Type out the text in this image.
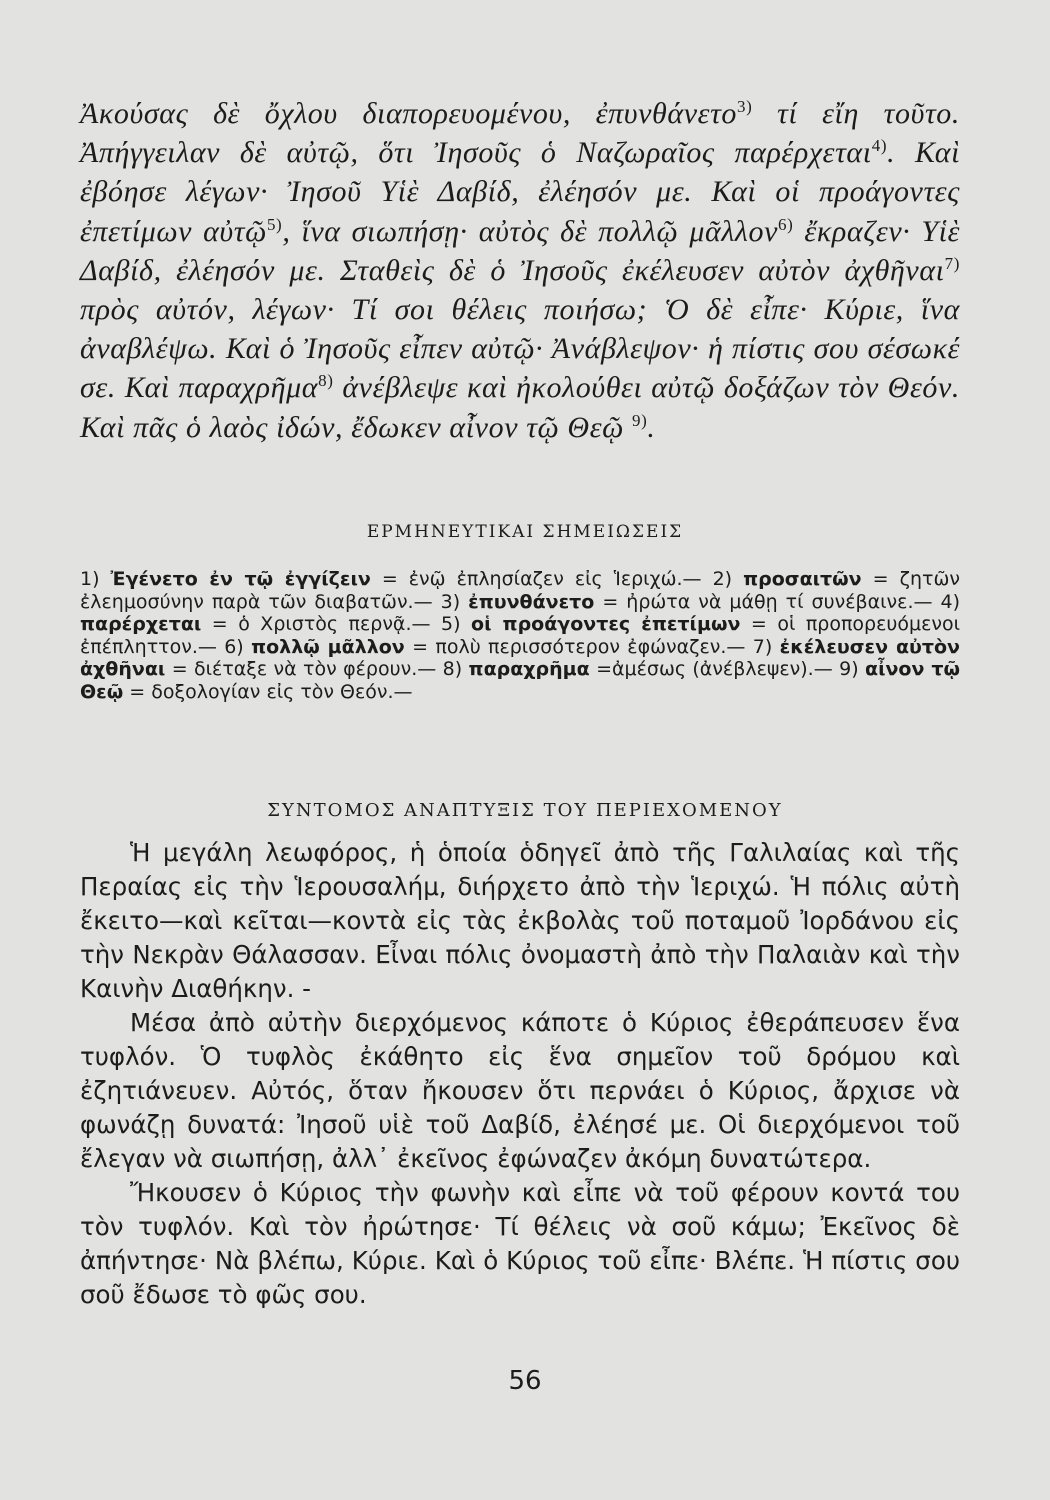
Ἀκούσας δὲ ὄχλου διαπορευομένου, ἐπυνθάνετο$^{3)}$ τί εἴη τοῦτο. Ἀπήγγειλαν δὲ αὐτῷ, ὅτι Ἰησοῦς ὁ Ναζωραῖος παρέρχεται$^{4)}$. Καὶ ἐβόησε λέγων· Ἰησοῦ Υἱὲ Δαβίδ, ἐλέησόν με. Καὶ οἱ προάγοντες ἐπετίμων αὐτῷ$^{5)}$, ἵνα σιωπήσῃ· αὐτὸς δὲ πολλῷ μᾶλλον$^{6)}$ ἔκραζεν· Υἱὲ Δαβίδ, ἐλέησόν με. Σταθεὶς δὲ ὁ Ἰησοῦς ἐκέλευσεν αὐτὸν ἀχθῆναι$^{7)}$ πρὸς αὐτόν, λέγων· Τί σοι θέλεις ποιήσω; Ὁ δὲ εἶπε· Κύριε, ἵνα ἀναβλέψω. Καὶ ὁ Ἰησοῦς εἶπεν αὐτῷ· Ἀνάβλεψον· ἡ πίστις σου σέσωκέ σε. Καὶ παραχρῆμα$^{8)}$ ἀνέβλεψε καὶ ἠκολούθει αὐτῷ δοξάζων τὸν Θεόν. Καὶ πᾶς ὁ λαὸς ἰδών, ἔδωκεν αἶνον τῷ Θεῷ $^{9)}$.
ΕΡΜΗΝΕΥΤΙΚΑΙ ΣΗΜΕΙΩΣΕΙΣ
1) Ἐγένετο ἐν τῷ ἐγγίζειν = ἐνῷ ἐπλησίαζεν εἰς Ἱεριχώ.— 2) προσαιτῶν = ζητῶν ἐλεημοσύνην παρὰ τῶν διαβατῶν.— 3) ἐπυνθάνετο = ἠρώτα νὰ μάθῃ τί συνέβαινε.— 4) παρέρχεται = ὁ Χριστὸς περνᾷ.— 5) οἱ προάγοντες ἐπετίμων = οἱ προπορευόμενοι ἐπέπληττον.— 6) πολλῷ μᾶλλον = πολὺ περισσότερον ἐφώναζεν.— 7) ἐκέλευσεν αὐτὸν ἀχθῆναι = διέταξε νὰ τὸν φέρουν.— 8) παραχρῆμα =ἀμέσως (ἀνέβλεψεν).— 9) αἶνον τῷ Θεῷ = δοξολογίαν εἰς τὸν Θεόν.—
ΣΥΝΤΟΜΟΣ ΑΝΑΠΤΥΞΙΣ ΤΟΥ ΠΕΡΙΕΧΟΜΕΝΟΥ

Ἡ μεγάλη λεωφόρος, ἡ ὁποία ὁδηγεῖ ἀπὸ τῆς Γαλιλαίας καὶ τῆς Περαίας εἰς τὴν Ἱερουσαλήμ, διήρχετο ἀπὸ τὴν Ἱεριχώ. Ἡ πόλις αὐτὴ ἔκειτο—καὶ κεῖται—κοντὰ εἰς τὰς ἐκβολὰς τοῦ ποταμοῦ Ἰορδάνου εἰς τὴν Νεκρὰν Θάλασσαν. Εἶναι πόλις ὀνομαστὴ ἀπὸ τὴν Παλαιὰν καὶ τὴν Καινὴν Διαθήκην. -

Μέσα ἀπὸ αὐτὴν διερχόμενος κάποτε ὁ Κύριος ἐθεράπευσεν ἕνα τυφλόν. Ὁ τυφλὸς ἐκάθητο εἰς ἕνα σημεῖον τοῦ δρόμου καὶ ἐζητιάνευεν. Αὐτός, ὅταν ἤκουσεν ὅτι περνάει ὁ Κύριος, ἄρχισε νὰ φωνάζῃ δυνατά: Ἰησοῦ υἱὲ τοῦ Δαβίδ, ἐλέησέ με. Οἱ διερχόμενοι τοῦ ἔλεγαν νὰ σιωπήσῃ, ἀλλ᾽ ἐκεῖνος ἐφώναζεν ἀκόμη δυνατώτερα.

Ἤκουσεν ὁ Κύριος τὴν φωνὴν καὶ εἶπε νὰ τοῦ φέρουν κοντά του τὸν τυφλόν. Καὶ τὸν ἠρώτησε· Τί θέλεις νὰ σοῦ κάμω; Ἐκεῖνος δὲ ἀπήντησε· Νὰ βλέπω, Κύριε. Καὶ ὁ Κύριος τοῦ εἶπε· Βλέπε. Ἡ πίστις σου σοῦ ἔδωσε τὸ φῶς σου.

56
